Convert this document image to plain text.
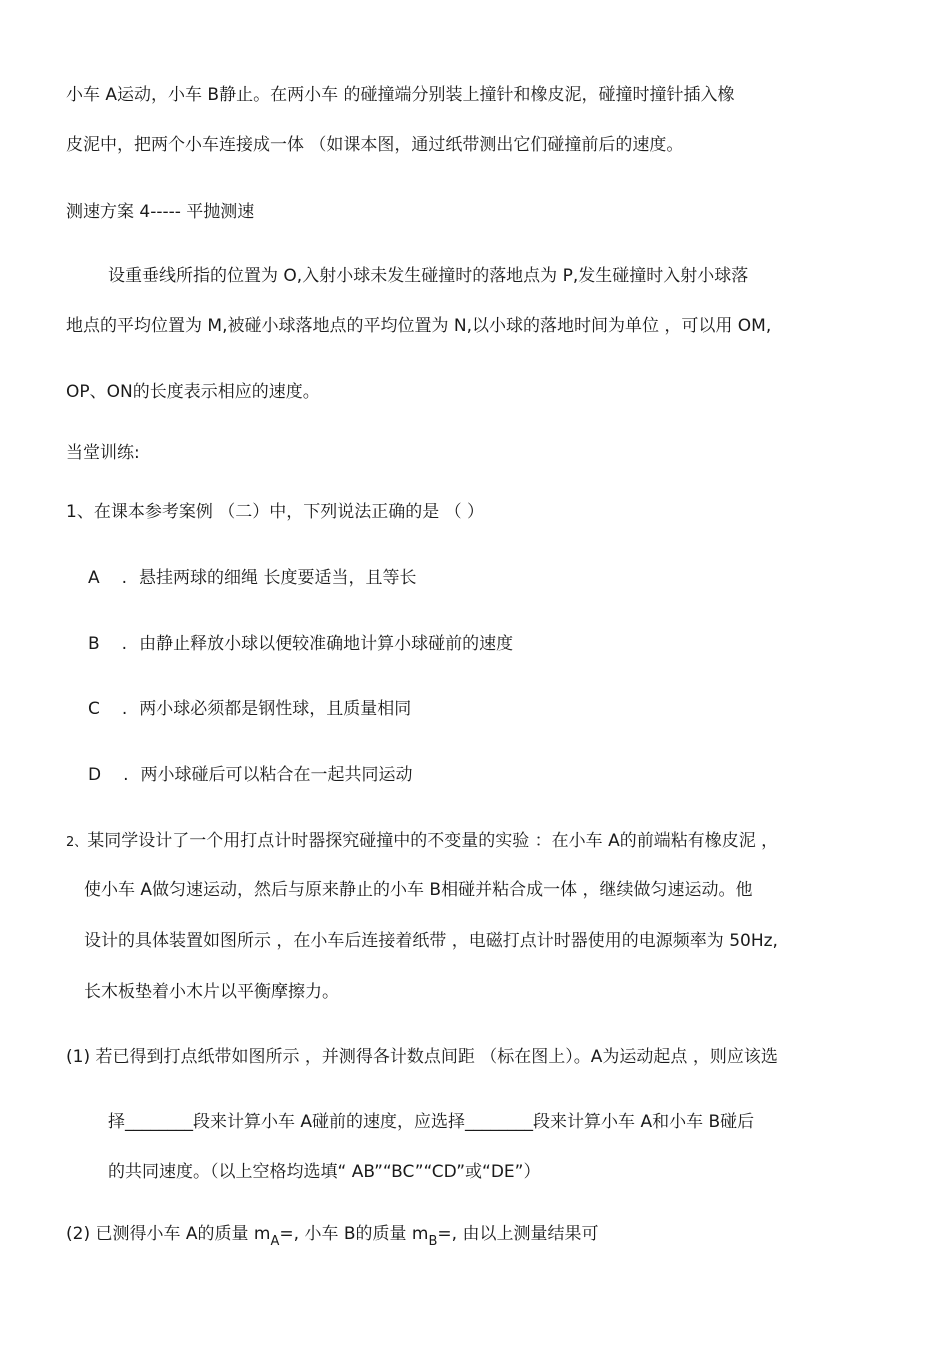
小车 A运动，小车 B静止。在两小车 的碰撞端分别装上撞针和橡皮泥，碰撞时撞针插入橡
皮泥中，把两个小车连接成一体 （如课本图，通过纸带测出它们碰撞前后的速度。
测速方案 4----- 平抛测速
设重垂线所指的位置为 O,入射小球未发生碰撞时的落地点为 P,发生碰撞时入射小球落
地点的平均位置为 M,被碰小球落地点的平均位置为 N,以小球的落地时间为单位 ，可以用 OM,
OP、ON的长度表示相应的速度。
当堂训练:
1、在课本参考案例 （二）中，下列说法正确的是 （ ）
A . 悬挂两球的细绳 长度要适当，且等长
B . 由静止释放小球以便较准确地计算小球碰前的速度
C . 两小球必须都是钢性球，且质量相同
D . 两小球碰后可以粘合在一起共同运动
2、某同学设计了一个用打点计时器探究碰撞中的不变量的实验 ：在小车 A的前端粘有橡皮泥 ，
使小车 A做匀速运动，然后与原来静止的小车 B相碰并粘合成一体 ，继续做匀速运动。他
设计的具体装置如图所示 ，在小车后连接着纸带 ，电磁打点计时器使用的电源频率为 50Hz,
长木板垫着小木片以平衡摩擦力。
(1) 若已得到打点纸带如图所示 ，并测得各计数点间距 （标在图上）。A为运动起点 ，则应该选
择________段来计算小车 A碰前的速度，应选择________段来计算小车 A和小车 B碰后
的共同速度。（以上空格均选填“ AB”“BC”“CD”或“DE”）
(2) 已测得小车 A的质量 $m_A=$, 小车 B的质量 $m_B=$, 由以上测量结果可
